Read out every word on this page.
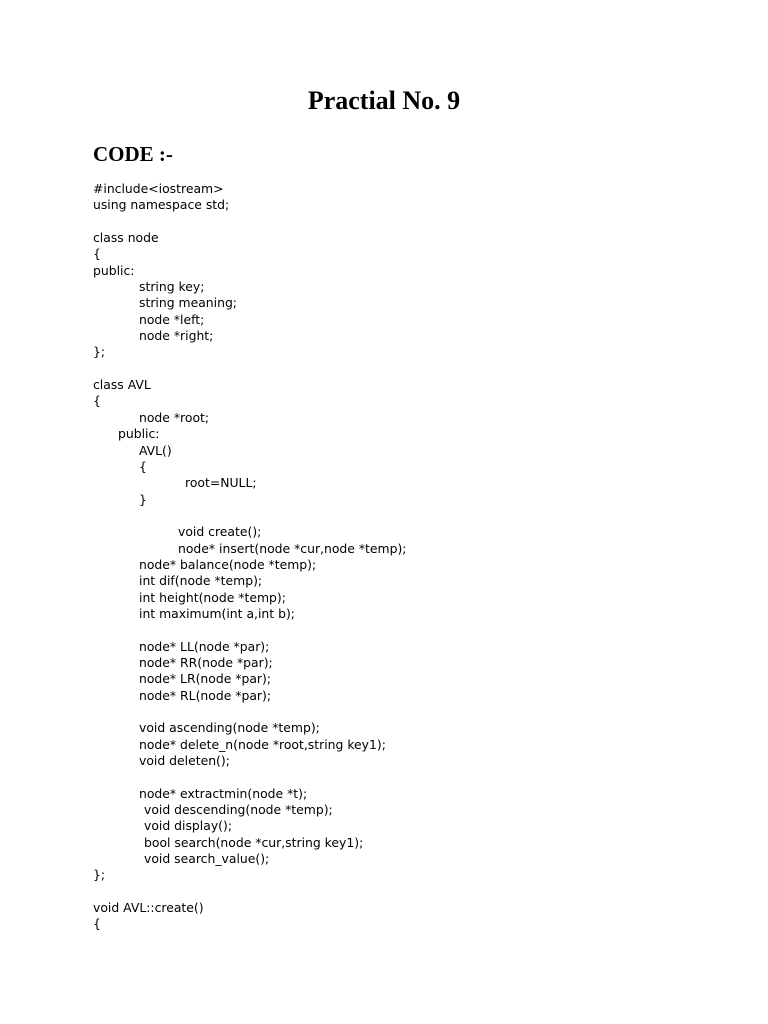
Practial No. 9
CODE :-
#include<iostream>
using namespace std;
class node
{
public:
string key;
string meaning;
node *left;
node *right;
};
class AVL
{
node *root;
public:
AVL()
{
root=NULL;
}
void create();
node* insert(node *cur,node *temp);
node* balance(node *temp);
int dif(node *temp);
int height(node *temp);
int maximum(int a,int b);
node* LL(node *par);
node* RR(node *par);
node* LR(node *par);
node* RL(node *par);
void ascending(node *temp);
node* delete_n(node *root,string key1);
void deleten();
node* extractmin(node *t);
void descending(node *temp);
void display();
bool search(node *cur,string key1);
void search_value();
};
void AVL::create()
{
